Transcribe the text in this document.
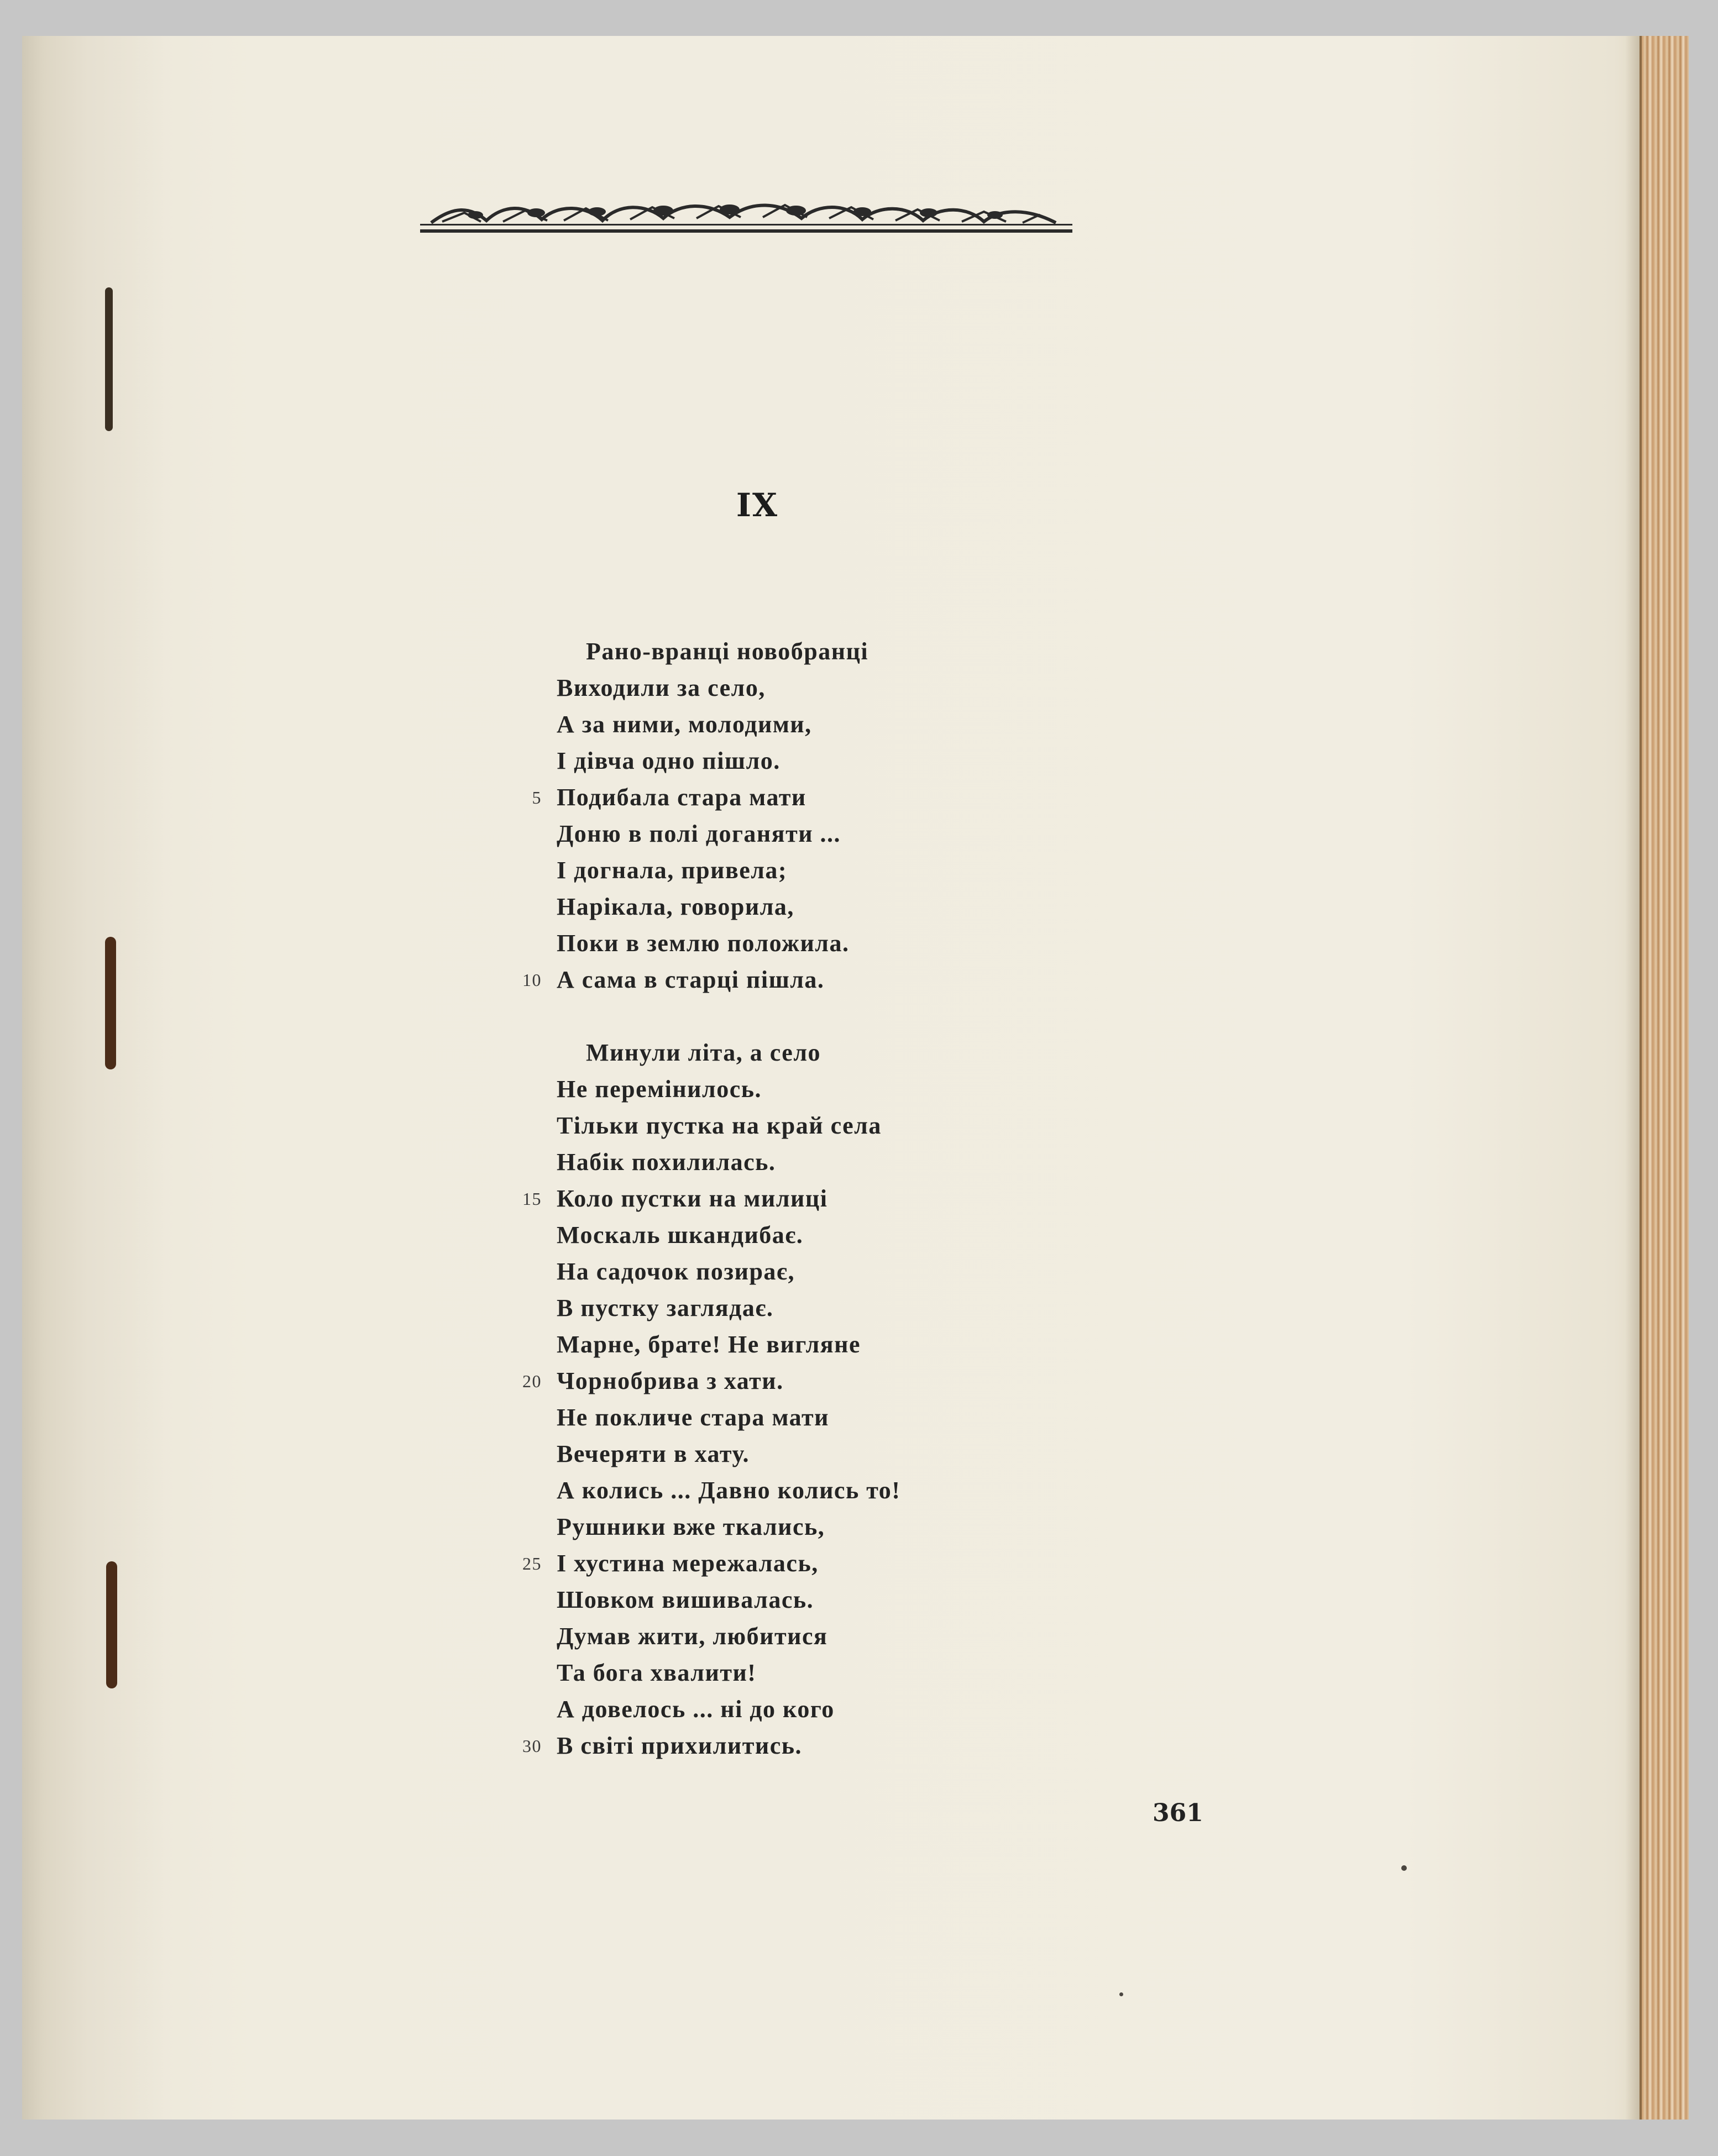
IX
Рано-вранці новобранці
Виходили за село,
А за ними, молодими,
І дівча одно пішло.
5 Подибала стара мати
Доню в полі доганяти ...
І догнала, привела;
Нарікала, говорила,
Поки в землю положила.
10 А сама в старці пішла.
Минули літа, а село
Не перемінилось.
Тільки пустка на край села
Набік похилилась.
15 Коло пустки на милиці
Москаль шкандибає.
На садочок позирає,
В пустку заглядає.
Марне, брате! Не вигляне
20 Чорнобрива з хати.
Не покличе стара мати
Вечеряти в хату.
А колись ... Давно колись то!
Рушники вже ткались,
25 І хустина мережалась,
Шовком вишивалась.
Думав жити, любитися
Та бога хвалити!
А довелось ... ні до кого
30 В світі прихилитись.
361
